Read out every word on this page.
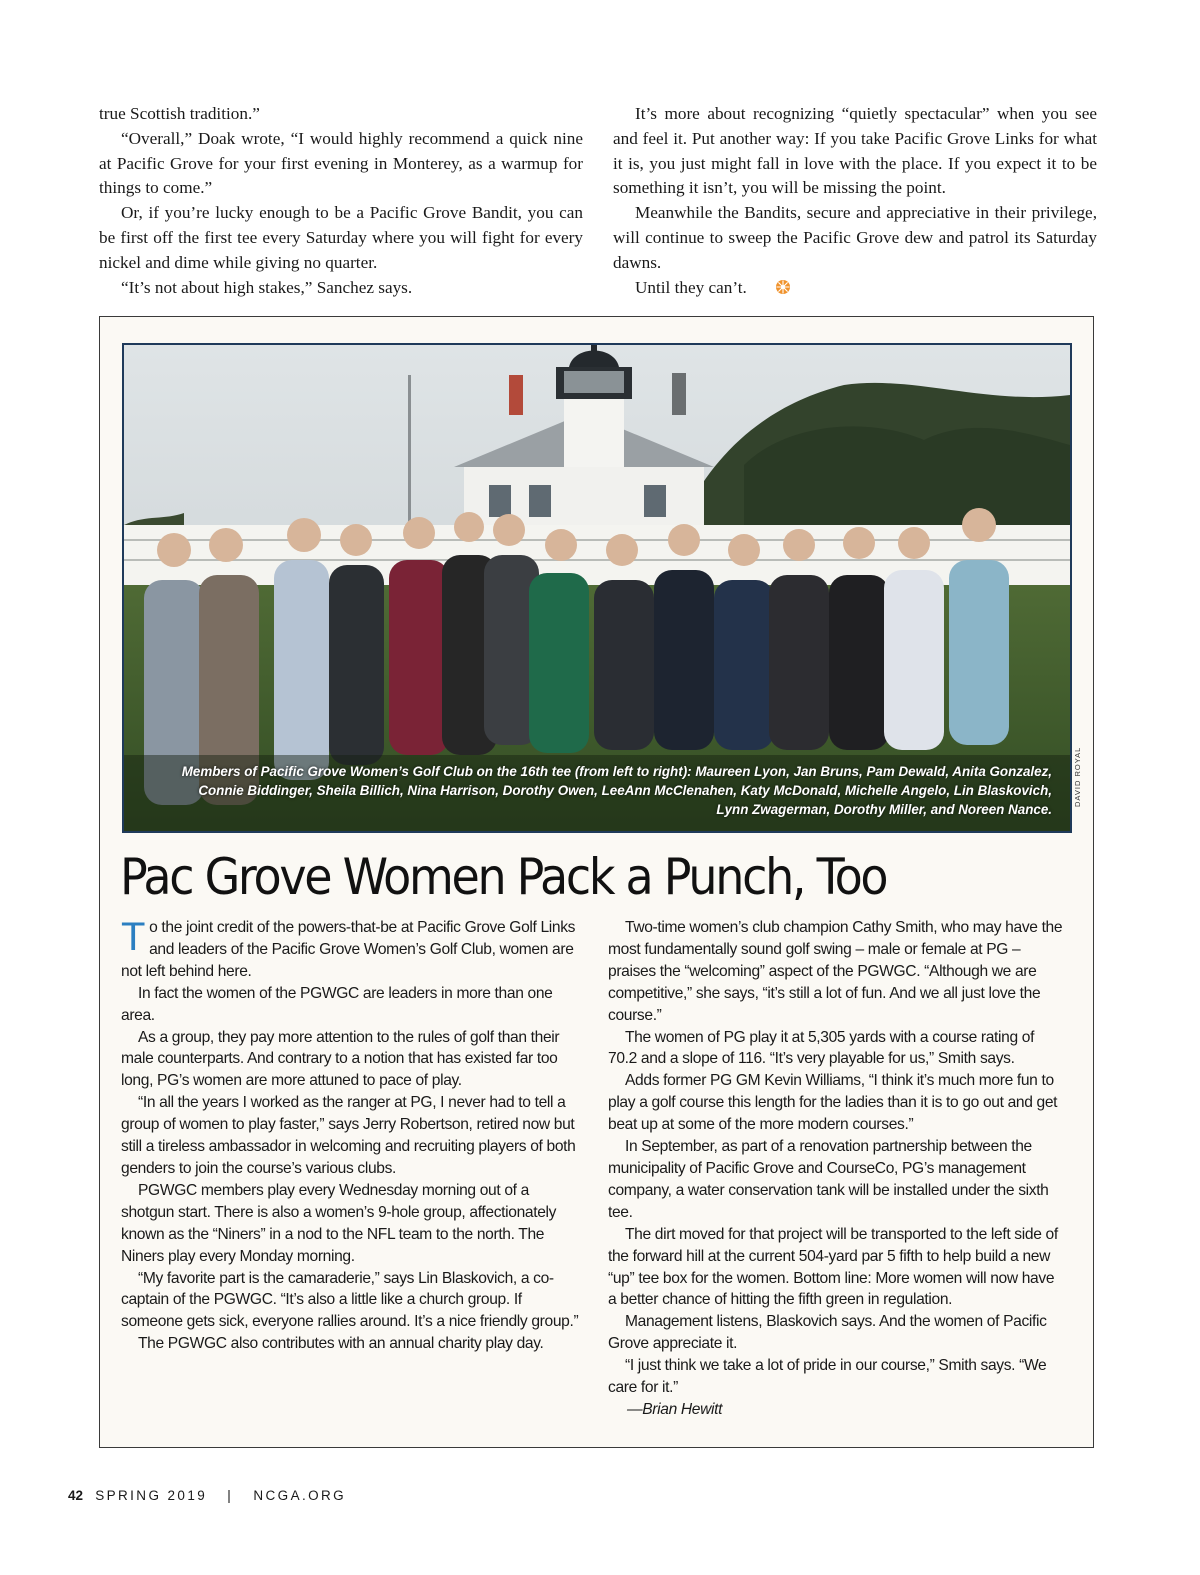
true Scottish tradition.”

“Overall,” Doak wrote, “I would highly recommend a quick nine at Pacific Grove for your first evening in Monterey, as a warmup for things to come.”

Or, if you’re lucky enough to be a Pacific Grove Bandit, you can be first off the first tee every Saturday where you will fight for every nickel and dime while giving no quarter.

“It’s not about high stakes,” Sanchez says.

It’s more about recognizing “quietly spectacular” when you see and feel it. Put another way: If you take Pacific Grove Links for what it is, you just might fall in love with the place. If you expect it to be something it isn’t, you will be missing the point.

Meanwhile the Bandits, secure and appreciative in their privilege, will continue to sweep the Pacific Grove dew and patrol its Saturday dawns.

Until they can’t.

Members of Pacific Grove Women’s Golf Club on the 16th tee (from left to right): Maureen Lyon, Jan Bruns, Pam Dewald, Anita Gonzalez, Connie Biddinger, Sheila Billich, Nina Harrison, Dorothy Owen, LeeAnn McClenahen, Katy McDonald, Michelle Angelo, Lin Blaskovich, Lynn Zwagerman, Dorothy Miller, and Noreen Nance.
DAVID ROYAL
Pac Grove Women Pack a Punch, Too

To the joint credit of the powers-that-be at Pacific Grove Golf Links and leaders of the Pacific Grove Women’s Golf Club, women are not left behind here.

In fact the women of the PGWGC are leaders in more than one area.

As a group, they pay more attention to the rules of golf than their male counterparts. And contrary to a notion that has existed far too long, PG’s women are more attuned to pace of play.

“In all the years I worked as the ranger at PG, I never had to tell a group of women to play faster,” says Jerry Robertson, retired now but still a tireless ambassador in welcoming and recruiting players of both genders to join the course’s various clubs.

PGWGC members play every Wednesday morning out of a shotgun start. There is also a women’s 9-hole group, affectionately known as the “Niners” in a nod to the NFL team to the north. The Niners play every Monday morning.

“My favorite part is the camaraderie,” says Lin Blaskovich, a co-captain of the PGWGC. “It’s also a little like a church group. If someone gets sick, everyone rallies around. It’s a nice friendly group.”

The PGWGC also contributes with an annual charity play day.

Two-time women’s club champion Cathy Smith, who may have the most fundamentally sound golf swing – male or female at PG – praises the “welcoming” aspect of the PGWGC. “Although we are competitive,” she says, “it’s still a lot of fun. And we all just love the course.”

The women of PG play it at 5,305 yards with a course rating of 70.2 and a slope of 116. “It’s very playable for us,” Smith says.

Adds former PG GM Kevin Williams, “I think it’s much more fun to play a golf course this length for the ladies than it is to go out and get beat up at some of the more modern courses.”

In September, as part of a renovation partnership between the municipality of Pacific Grove and CourseCo, PG’s management company, a water conservation tank will be installed under the sixth tee.

The dirt moved for that project will be transported to the left side of the forward hill at the current 504-yard par 5 fifth to help build a new “up” tee box for the women. Bottom line: More women will now have a better chance of hitting the fifth green in regulation.

Management listens, Blaskovich says. And the women of Pacific Grove appreciate it.

“I just think we take a lot of pride in our course,” Smith says. “We care for it.”

—Brian Hewitt

42 SPRING 2019 | NCGA.ORG
